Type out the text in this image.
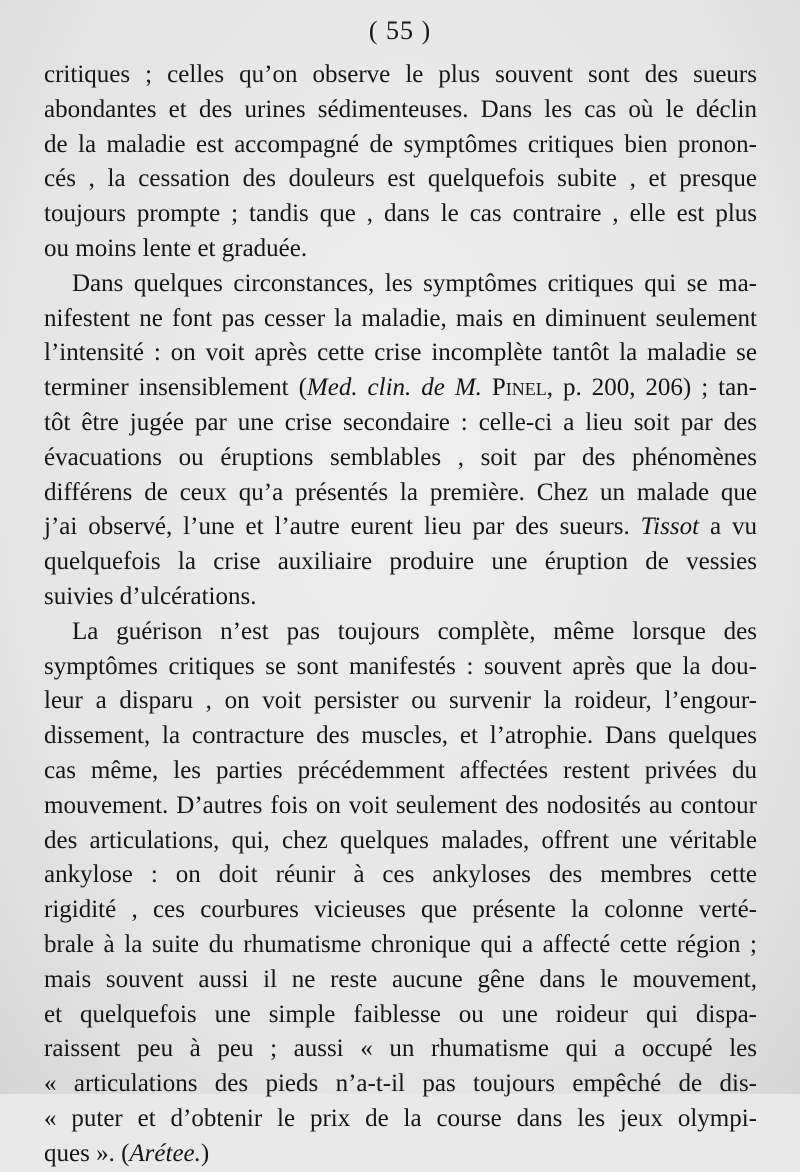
( 55 )
critiques ; celles qu’on observe le plus souvent sont des sueurs
abondantes et des urines sédimenteuses. Dans les cas où le déclin
de la maladie est accompagné de symptômes critiques bien pronon-
cés , la cessation des douleurs est quelquefois subite , et presque
toujours prompte ; tandis que , dans le cas contraire , elle est plus
ou moins lente et graduée.
Dans quelques circonstances, les symptômes critiques qui se ma-
nifestent ne font pas cesser la maladie, mais en diminuent seulement
l’intensité : on voit après cette crise incomplète tantôt la maladie se
terminer insensiblement (Med. clin. de M. Pinel, p. 200, 206) ; tan-
tôt être jugée par une crise secondaire : celle-ci a lieu soit par des
évacuations ou éruptions semblables , soit par des phénomènes
différens de ceux qu’a présentés la première. Chez un malade que
j’ai observé, l’une et l’autre eurent lieu par des sueurs. Tissot a vu
quelquefois la crise auxiliaire produire une éruption de vessies
suivies d’ulcérations.
La guérison n’est pas toujours complète, même lorsque des
symptômes critiques se sont manifestés : souvent après que la dou-
leur a disparu , on voit persister ou survenir la roideur, l’engour-
dissement, la contracture des muscles, et l’atrophie. Dans quelques
cas même, les parties précédemment affectées restent privées du
mouvement. D’autres fois on voit seulement des nodosités au contour
des articulations, qui, chez quelques malades, offrent une véritable
ankylose : on doit réunir à ces ankyloses des membres cette
rigidité , ces courbures vicieuses que présente la colonne verté-
brale à la suite du rhumatisme chronique qui a affecté cette région ;
mais souvent aussi il ne reste aucune gêne dans le mouvement,
et quelquefois une simple faiblesse ou une roideur qui dispa-
raissent peu à peu ; aussi « un rhumatisme qui a occupé les
« articulations des pieds n’a-t-il pas toujours empêché de dis-
« puter et d’obtenir le prix de la course dans les jeux olympi-
ques ». (Arétee.)
